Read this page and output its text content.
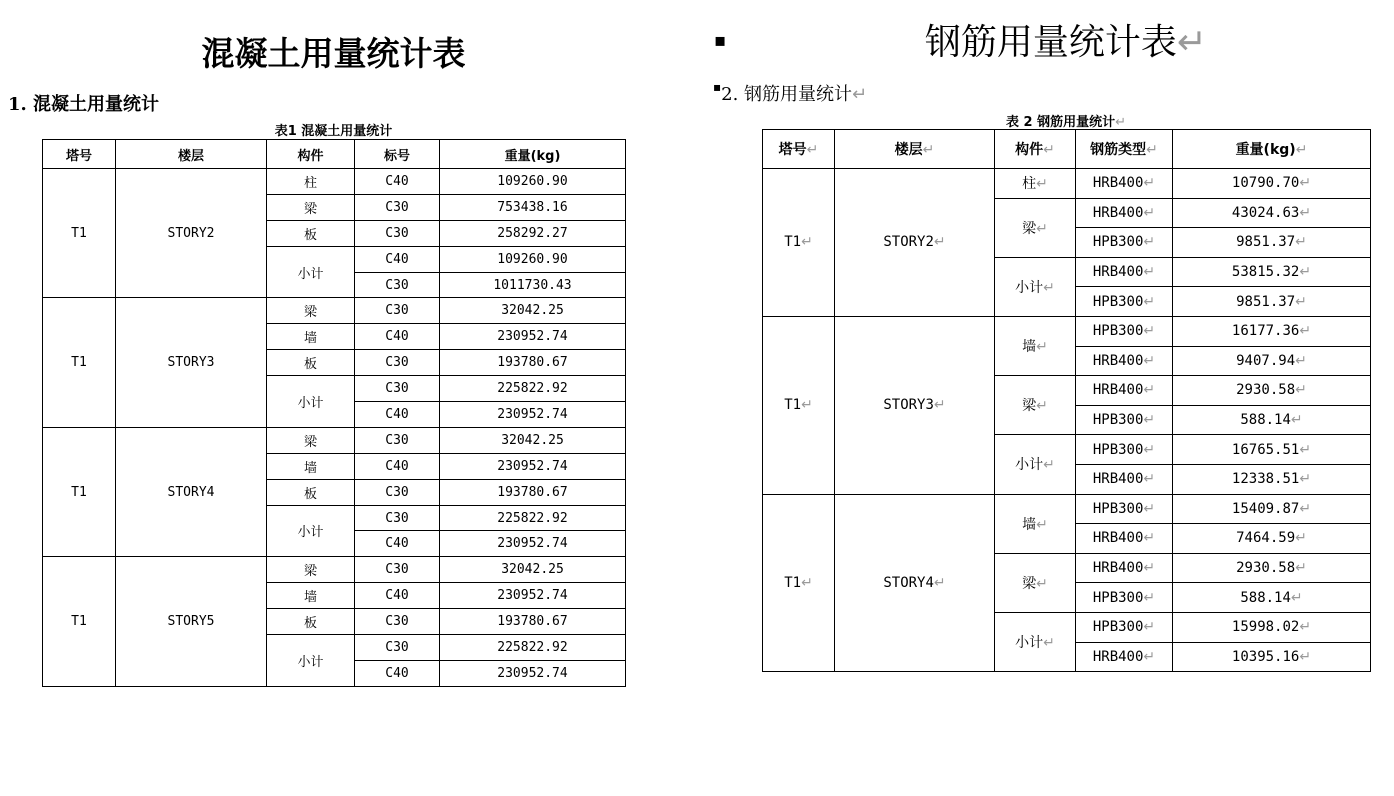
混凝土用量统计表
1. 混凝土用量统计
表1 混凝土用量统计
塔号	楼层	构件	标号	重量(kg)
T1	STORY2	柱	C40	109260.90
		梁	C30	753438.16
		板	C30	258292.27
		小计	C40	109260.90
			C30	1011730.43
T1	STORY3	梁	C30	32042.25
		墙	C40	230952.74
		板	C30	193780.67
		小计	C30	225822.92
			C40	230952.74
T1	STORY4	梁	C30	32042.25
		墙	C40	230952.74
		板	C30	193780.67
		小计	C30	225822.92
			C40	230952.74
T1	STORY5	梁	C30	32042.25
		墙	C40	230952.74
		板	C30	193780.67
		小计	C30	225822.92
			C40	230952.74
▪	钢筋用量统计表↵
▪2. 钢筋用量统计↵
表 2 钢筋用量统计↵
塔号↵	楼层↵	构件↵	钢筋类型↵	重量(kg)↵
T1↵	STORY2↵	柱↵	HRB400↵	10790.70↵
		梁↵	HRB400↵	43024.63↵
			HPB300↵	9851.37↵
		小计↵	HRB400↵	53815.32↵
			HPB300↵	9851.37↵
T1↵	STORY3↵	墙↵	HPB300↵	16177.36↵
			HRB400↵	9407.94↵
		梁↵	HRB400↵	2930.58↵
			HPB300↵	588.14↵
		小计↵	HPB300↵	16765.51↵
			HRB400↵	12338.51↵
T1↵	STORY4↵	墙↵	HPB300↵	15409.87↵
			HRB400↵	7464.59↵
		梁↵	HRB400↵	2930.58↵
			HPB300↵	588.14↵
		小计↵	HPB300↵	15998.02↵
			HRB400↵	10395.16↵
